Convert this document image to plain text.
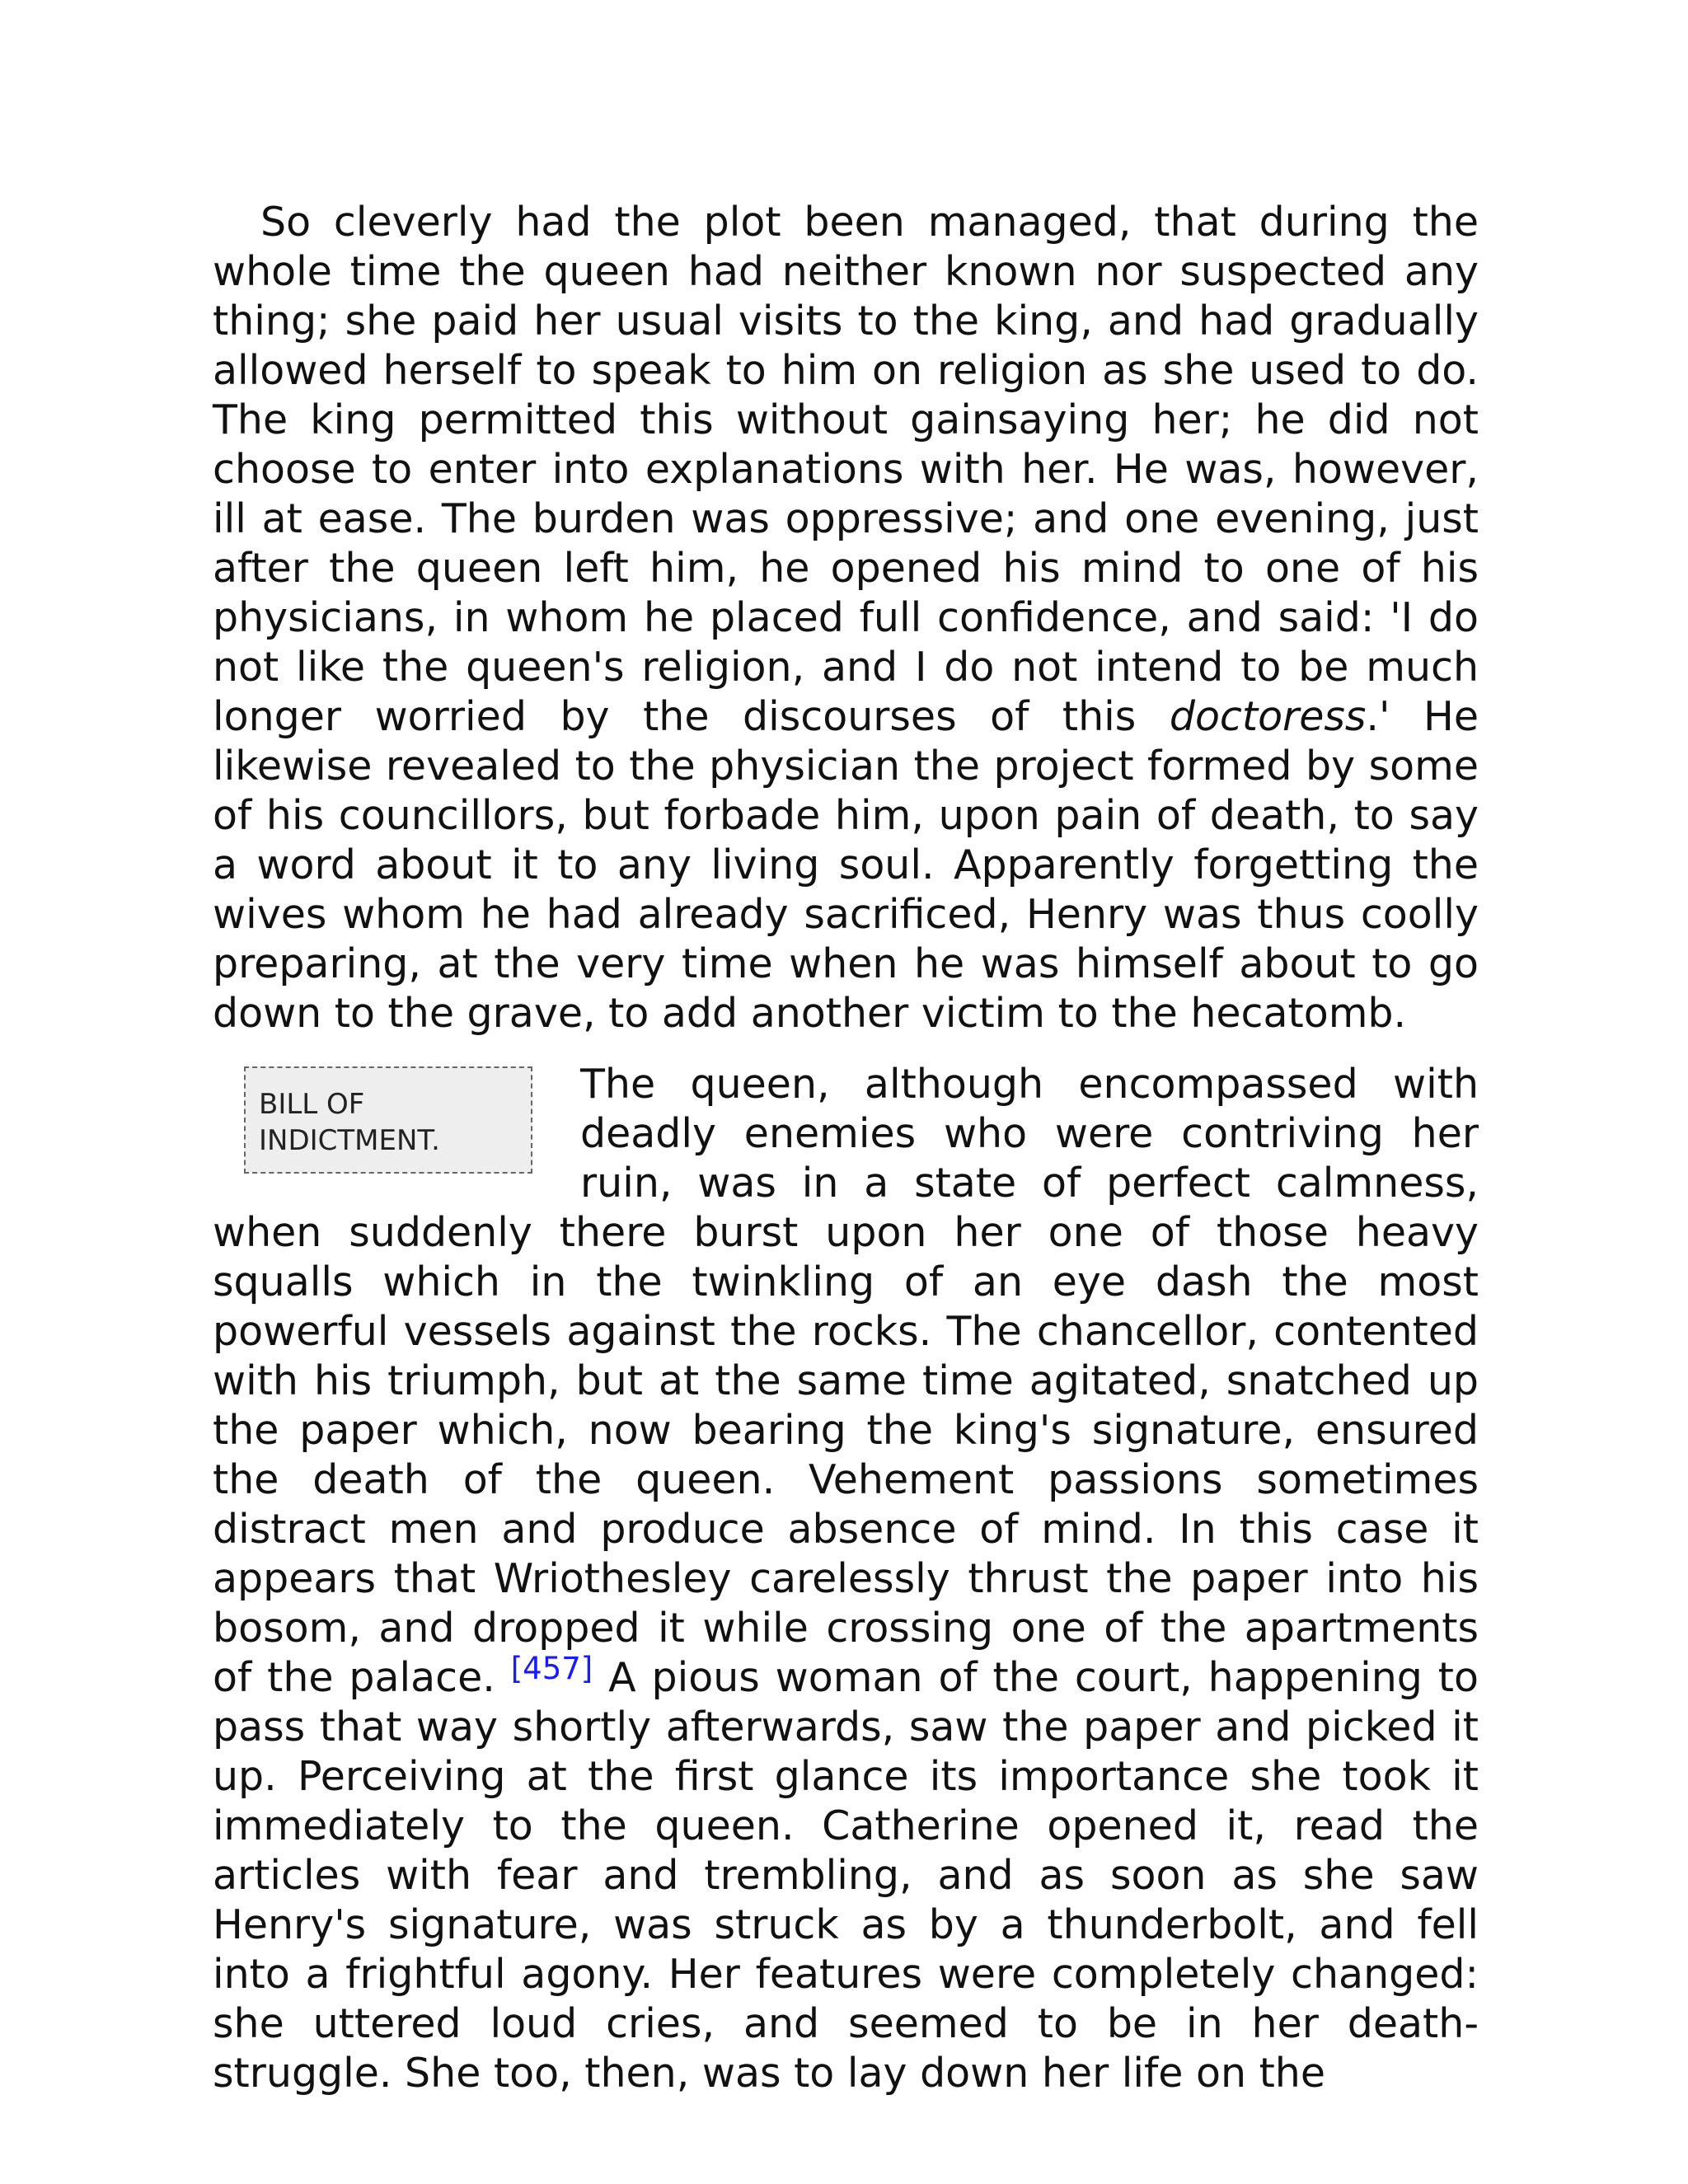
So cleverly had the plot been managed, that during the whole time the queen had neither known nor suspected any thing; she paid her usual visits to the king, and had gradually allowed herself to speak to him on religion as she used to do. The king permitted this without gainsaying her; he did not choose to enter into explanations with her. He was, however, ill at ease. The burden was oppressive; and one evening, just after the queen left him, he opened his mind to one of his physicians, in whom he placed full confidence, and said: 'I do not like the queen's religion, and I do not intend to be much longer worried by the discourses of this doctoress.' He likewise revealed to the physician the project formed by some of his councillors, but forbade him, upon pain of death, to say a word about it to any living soul. Apparently forgetting the wives whom he had already sacrificed, Henry was thus coolly preparing, at the very time when he was himself about to go down to the grave, to add another victim to the hecatomb.

BILL OF
INDICTMENT.
The queen, although encompassed with deadly enemies who were contriving her ruin, was in a state of perfect calmness, when suddenly there burst upon her one of those heavy squalls which in the twinkling of an eye dash the most powerful vessels against the rocks. The chancellor, contented with his triumph, but at the same time agitated, snatched up the paper which, now bearing the king's signature, ensured the death of the queen. Vehement passions sometimes distract men and produce absence of mind. In this case it appears that Wriothesley carelessly thrust the paper into his bosom, and dropped it while crossing one of the apartments of the palace. [457] A pious woman of the court, happening to pass that way shortly afterwards, saw the paper and picked it up. Perceiving at the first glance its importance she took it immediately to the queen. Catherine opened it, read the articles with fear and trembling, and as soon as she saw Henry's signature, was struck as by a thunderbolt, and fell into a frightful agony. Her features were completely changed: she uttered loud cries, and seemed to be in her death-struggle. She too, then, was to lay down her life on the
